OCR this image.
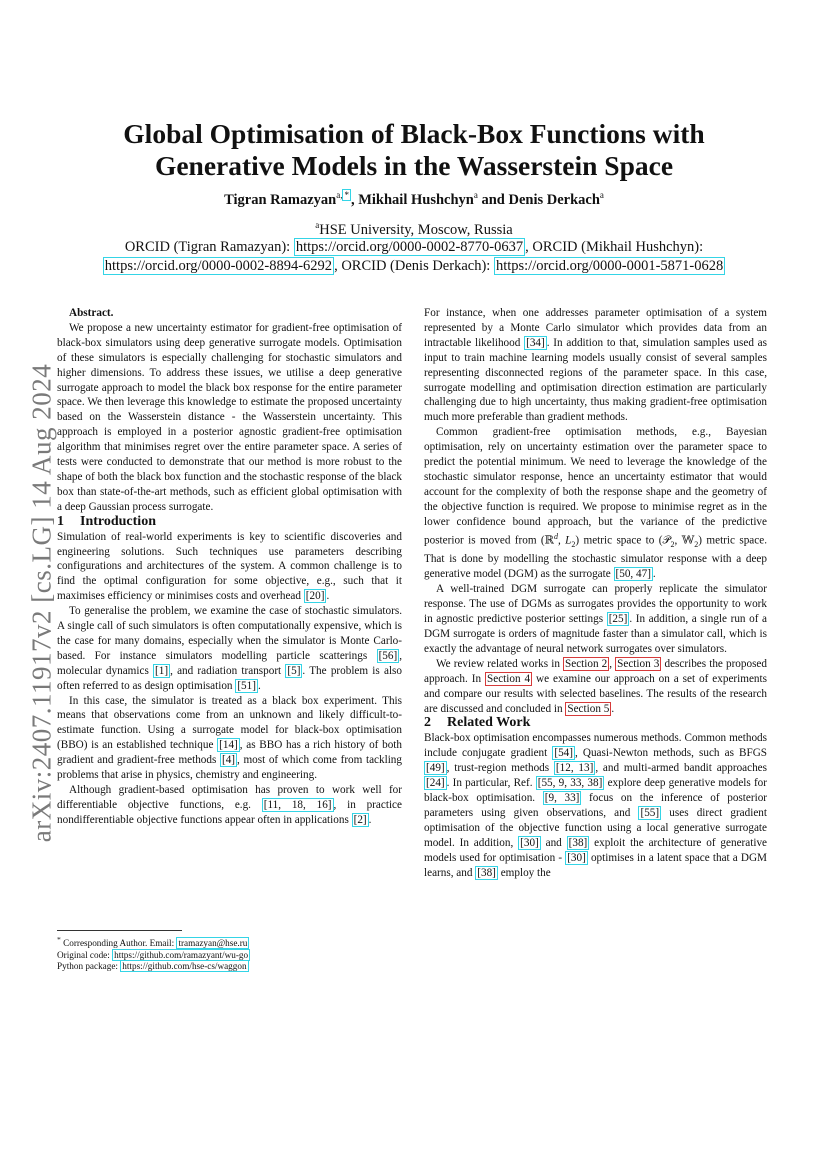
arXiv:2407.11917v2 [cs.LG] 14 Aug 2024
Global Optimisation of Black-Box Functions with
Generative Models in the Wasserstein Space
Tigran Ramazyan$^{a,}$ * , Mikhail Hushchyn$^a$ and Denis Derkach$^a$
$^a$HSE University, Moscow, Russia
ORCID (Tigran Ramazyan): https://orcid.org/0000-0002-8770-0637 , ORCID (Mikhail Hushchyn):
https://orcid.org/0000-0002-8894-6292 , ORCID (Denis Derkach): https://orcid.org/0000-0001-5871-0628

Abstract.

We propose a new uncertainty estimator for gradient-free optimisation of black-box simulators using deep generative surrogate models. Optimisation of these simulators is especially challenging for stochastic simulators and higher dimensions. To address these issues, we utilise a deep generative surrogate approach to model the black box response for the entire parameter space. We then leverage this knowledge to estimate the proposed uncertainty based on the Wasserstein distance - the Wasserstein uncertainty. This approach is employed in a posterior agnostic gradient-free optimisation algorithm that minimises regret over the entire parameter space. A series of tests were conducted to demonstrate that our method is more robust to the shape of both the black box function and the stochastic response of the black box than state-of-the-art methods, such as efficient global optimisation with a deep Gaussian process surrogate.

1 Introduction

Simulation of real-world experiments is key to scientific discoveries and engineering solutions. Such techniques use parameters describing configurations and architectures of the system. A common challenge is to find the optimal configuration for some objective, e.g., such that it maximises efficiency or minimises costs and overhead [20] .

To generalise the problem, we examine the case of stochastic simulators. A single call of such simulators is often computationally expensive, which is the case for many domains, especially when the simulator is Monte Carlo-based. For instance simulators modelling particle scatterings [56] , molecular dynamics [1] , and radiation transport [5] . The problem is also often referred to as design optimisation [51] .

In this case, the simulator is treated as a black box experiment. This means that observations come from an unknown and likely difficult-to-estimate function. Using a surrogate model for black-box optimisation (BBO) is an established technique [14] , as BBO has a rich history of both gradient and gradient-free methods [4] , most of which come from tackling problems that arise in physics, chemistry and engineering.

Although gradient-based optimisation has proven to work well for differentiable objective functions, e.g. [11, 18, 16] , in practice nondifferentiable objective functions appear often in applications [2] .

* Corresponding Author. Email: tramazyan@hse.ru

Original code: https://github.com/ramazyant/wu-go

Python package: https://github.com/hse-cs/waggon

For instance, when one addresses parameter optimisation of a system represented by a Monte Carlo simulator which provides data from an intractable likelihood [34] . In addition to that, simulation samples used as input to train machine learning models usually consist of several samples representing disconnected regions of the parameter space. In this case, surrogate modelling and optimisation direction estimation are particularly challenging due to high uncertainty, thus making gradient-free optimisation much more preferable than gradient methods.

Common gradient-free optimisation methods, e.g., Bayesian optimisation, rely on uncertainty estimation over the parameter space to predict the potential minimum. We need to leverage the knowledge of the stochastic simulator response, hence an uncertainty estimator that would account for the complexity of both the response shape and the geometry of the objective function is required. We propose to minimise regret as in the lower confidence bound approach, but the variance of the predictive posterior is moved from (ℝ$^d$, $L_2$) metric space to (𝒫$_2$, 𝕎$_2$) metric space. That is done by modelling the stochastic simulator response with a deep generative model (DGM) as the surrogate [50, 47] .

A well-trained DGM surrogate can properly replicate the simulator response. The use of DGMs as surrogates provides the opportunity to work in agnostic predictive posterior settings [25] . In addition, a single run of a DGM surrogate is orders of magnitude faster than a simulator call, which is exactly the advantage of neural network surrogates over simulators.

We review related works in Section 2 , Section 3 describes the proposed approach. In Section 4 we examine our approach on a set of experiments and compare our results with selected baselines. The results of the research are discussed and concluded in Section 5 .

2 Related Work

Black-box optimisation encompasses numerous methods. Common methods include conjugate gradient [54] , Quasi-Newton methods, such as BFGS [49] , trust-region methods [12, 13] , and multi-armed bandit approaches [24] . In particular, Ref. [55, 9, 33, 38] explore deep generative models for black-box optimisation. [9, 33] focus on the inference of posterior parameters using given observations, and [55] uses direct gradient optimisation of the objective function using a local generative surrogate model. In addition, [30] and [38] exploit the architecture of generative models used for optimisation - [30] optimises in a latent space that a DGM learns, and [38] employ the
